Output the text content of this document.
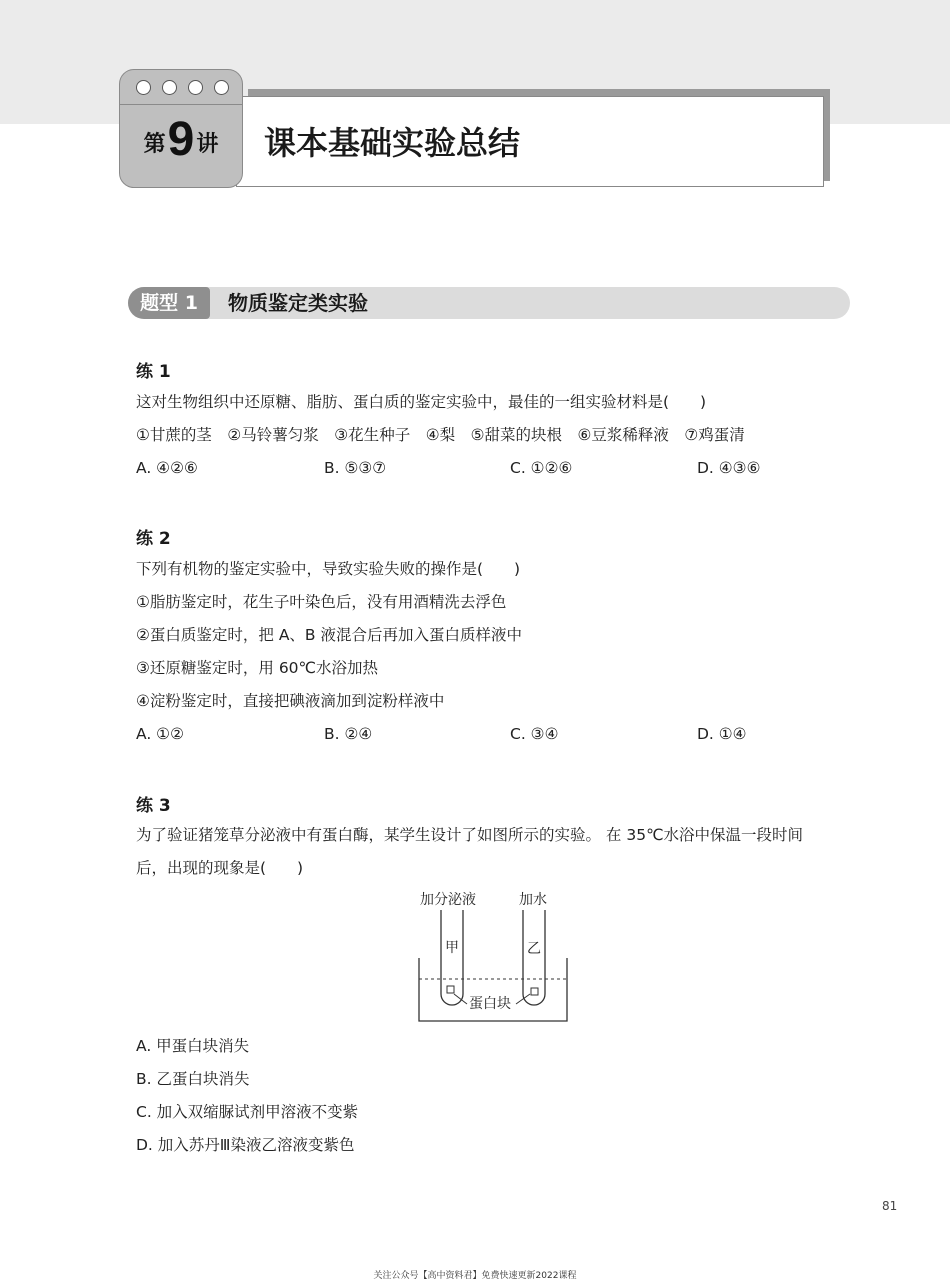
第9讲	课本基础实验总结
题型 1	物质鉴定类实验
练 1
这对生物组织中还原糖、脂肪、蛋白质的鉴定实验中，最佳的一组实验材料是(　　)
①甘蔗的茎　②马铃薯匀浆　③花生种子　④梨　⑤甜菜的块根　⑥豆浆稀释液　⑦鸡蛋清
A. ④②⑥	B. ⑤③⑦	C. ①②⑥	D. ④③⑥
练 2
下列有机物的鉴定实验中，导致实验失败的操作是(　　)
①脂肪鉴定时，花生子叶染色后，没有用酒精洗去浮色
②蛋白质鉴定时，把 A、B 液混合后再加入蛋白质样液中
③还原糖鉴定时，用 60℃水浴加热
④淀粉鉴定时，直接把碘液滴加到淀粉样液中
A. ①②	B. ②④	C. ③④	D. ①④
练 3
为了验证猪笼草分泌液中有蛋白酶，某学生设计了如图所示的实验。 在 35℃水浴中保温一段时间
后，出现的现象是(　　)
加分泌液	加水
甲	乙
蛋白块
A. 甲蛋白块消失
B. 乙蛋白块消失
C. 加入双缩脲试剂甲溶液不变紫
D. 加入苏丹Ⅲ染液乙溶液变紫色
81
关注公众号【高中资料君】免费快速更新2022课程
